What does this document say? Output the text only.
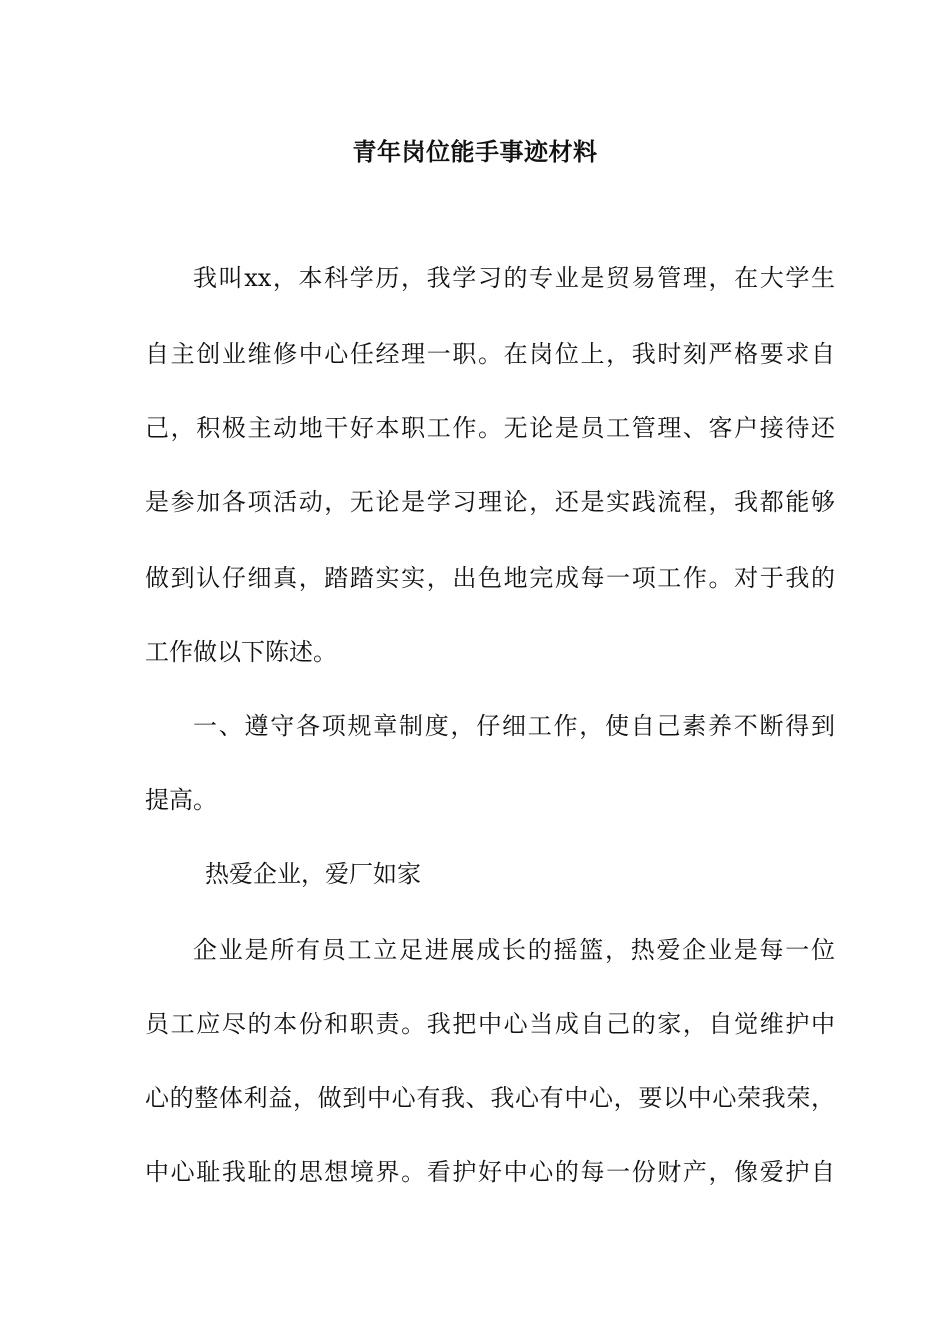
青年岗位能手事迹材料

我叫xx，本科学历，我学习的专业是贸易管理，在大学生

自主创业维修中心任经理一职。在岗位上，我时刻严格要求自

己，积极主动地干好本职工作。无论是员工管理、客户接待还

是参加各项活动，无论是学习理论，还是实践流程，我都能够

做到认仔细真，踏踏实实，出色地完成每一项工作。对于我的

工作做以下陈述。

一、遵守各项规章制度，仔细工作，使自己素养不断得到

提高。

热爱企业，爱厂如家

企业是所有员工立足进展成长的摇篮，热爱企业是每一位

员工应尽的本份和职责。我把中心当成自己的家，自觉维护中

心的整体利益，做到中心有我、我心有中心，要以中心荣我荣，

中心耻我耻的思想境界。看护好中心的每一份财产，像爱护自
